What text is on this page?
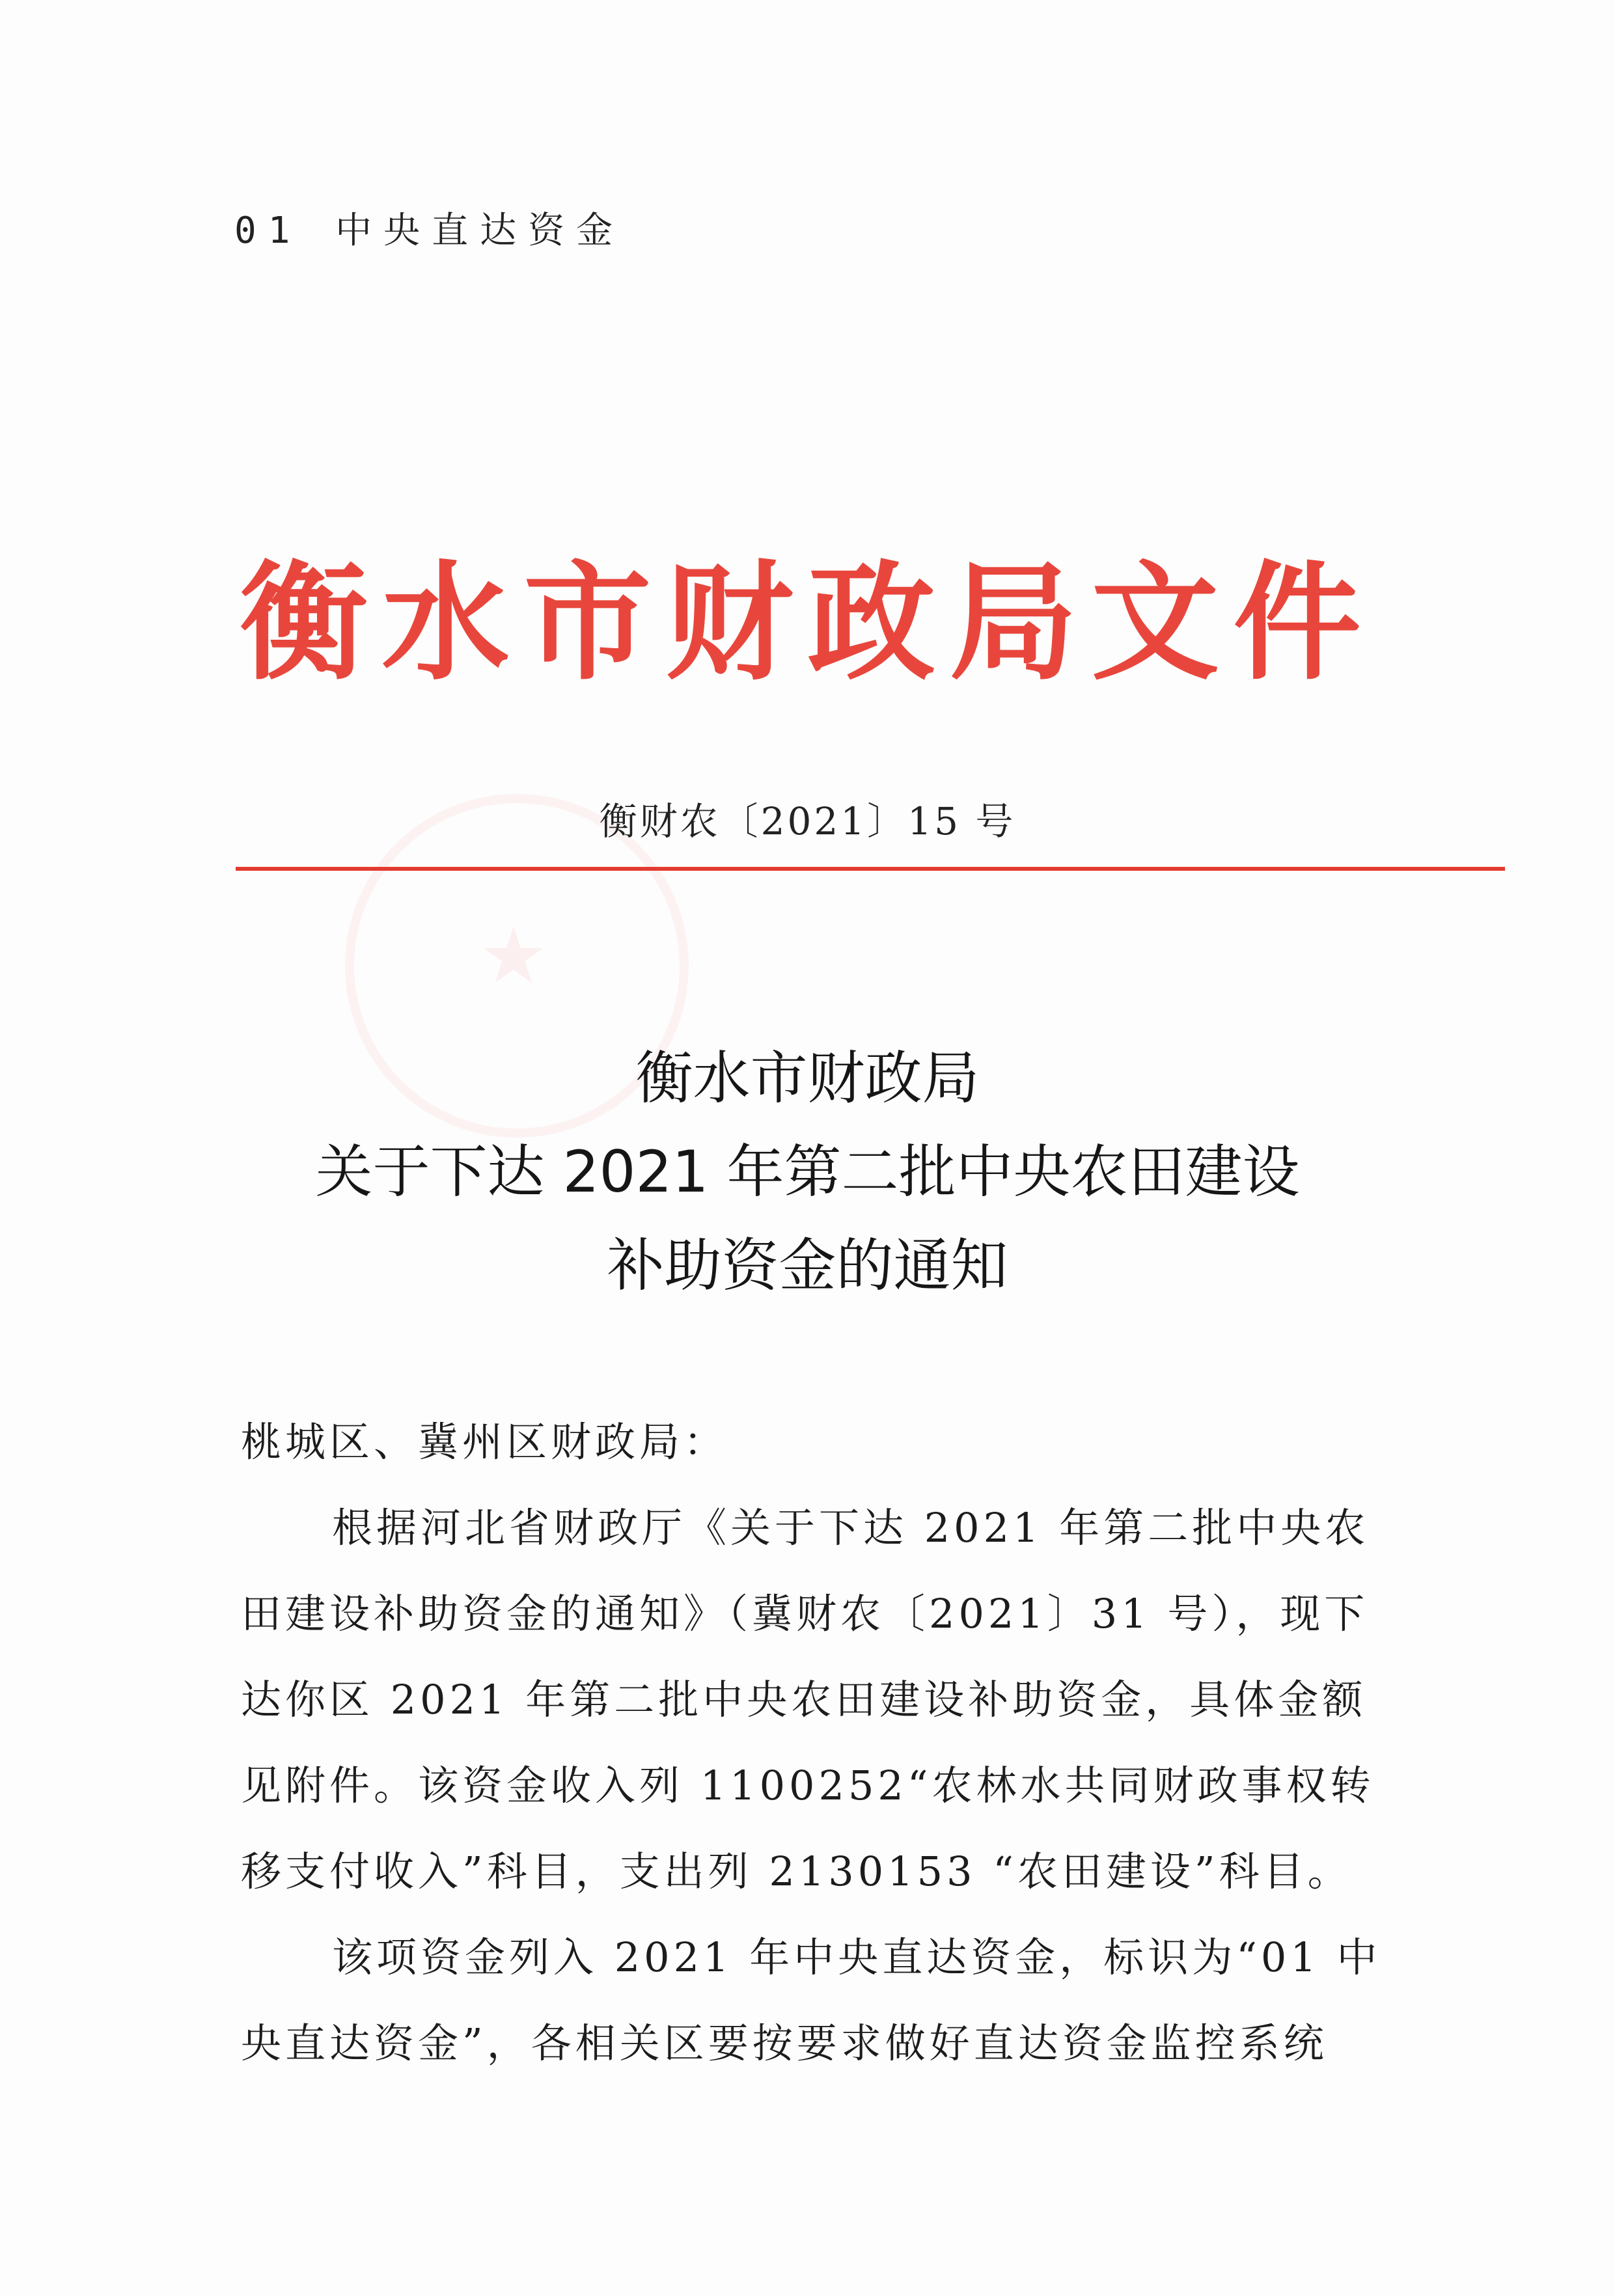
01 中央直达资金
衡水市财政局文件
★
衡财农〔2021〕15 号
衡水市财政局
关于下达 2021 年第二批中央农田建设
补助资金的通知
桃城区、冀州区财政局：
根据河北省财政厅《关于下达 2021 年第二批中央农
田建设补助资金的通知》（冀财农〔2021〕31 号），现下
达你区 2021 年第二批中央农田建设补助资金，具体金额
见附件。该资金收入列 1100252“农林水共同财政事权转
移支付收入”科目，支出列 2130153 “农田建设”科目。
该项资金列入 2021 年中央直达资金，标识为“01 中
央直达资金”，各相关区要按要求做好直达资金监控系统
